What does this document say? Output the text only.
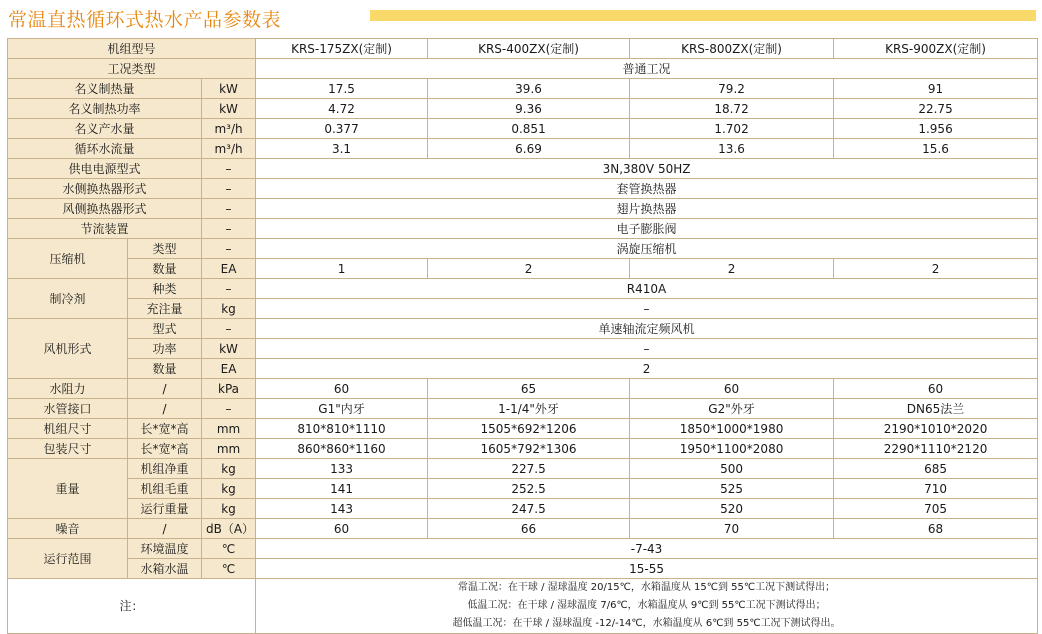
常温直热循环式热水产品参数表
机组型号			KRS-175ZX(定制)	KRS-400ZX(定制)	KRS-800ZX(定制)	KRS-900ZX(定制)
工况类型			普通工况			
名义制热量		kW	17.5	39.6	79.2	91
名义制热功率		kW	4.72	9.36	18.72	22.75
名义产水量		m³/h	0.377	0.851	1.702	1.956
循环水流量		m³/h	3.1	6.69	13.6	15.6
供电电源型式		–	3N,380V 50HZ			
水侧换热器形式		–	套管换热器			
风侧换热器形式		–	翅片换热器			
节流装置		–	电子膨胀阀			
压缩机	类型	–	涡旋压缩机			
	数量	EA	1	2	2	2
制冷剂	种类	–	R410A			
	充注量	kg	–			
风机形式	型式	–	单速轴流定频风机			
	功率	kW	–			
	数量	EA	2			
水阻力	/	kPa	60	65	60	60
水管接口	/	–	G1"内牙	1-1/4"外牙	G2"外牙	DN65法兰
机组尺寸	长*宽*高	mm	810*810*1110	1505*692*1206	1850*1000*1980	2190*1010*2020
包装尺寸	长*宽*高	mm	860*860*1160	1605*792*1306	1950*1100*2080	2290*1110*2120
重量	机组净重	kg	133	227.5	500	685
	机组毛重	kg	141	252.5	525	710
	运行重量	kg	143	247.5	520	705
噪音	/	dB（A）	60	66	70	68
运行范围	环境温度	℃	-7-43			
	水箱水温	℃	15-55			
注：			常温工况：在干球 / 湿球温度 20/15℃，水箱温度从 15℃到 55℃工况下测试得出；
低温工况：在干球 / 湿球温度 7/6℃，水箱温度从 9℃到 55℃工况下测试得出；
超低温工况：在干球 / 湿球温度 -12/-14℃，水箱温度从 6℃到 55℃工况下测试得出。			
